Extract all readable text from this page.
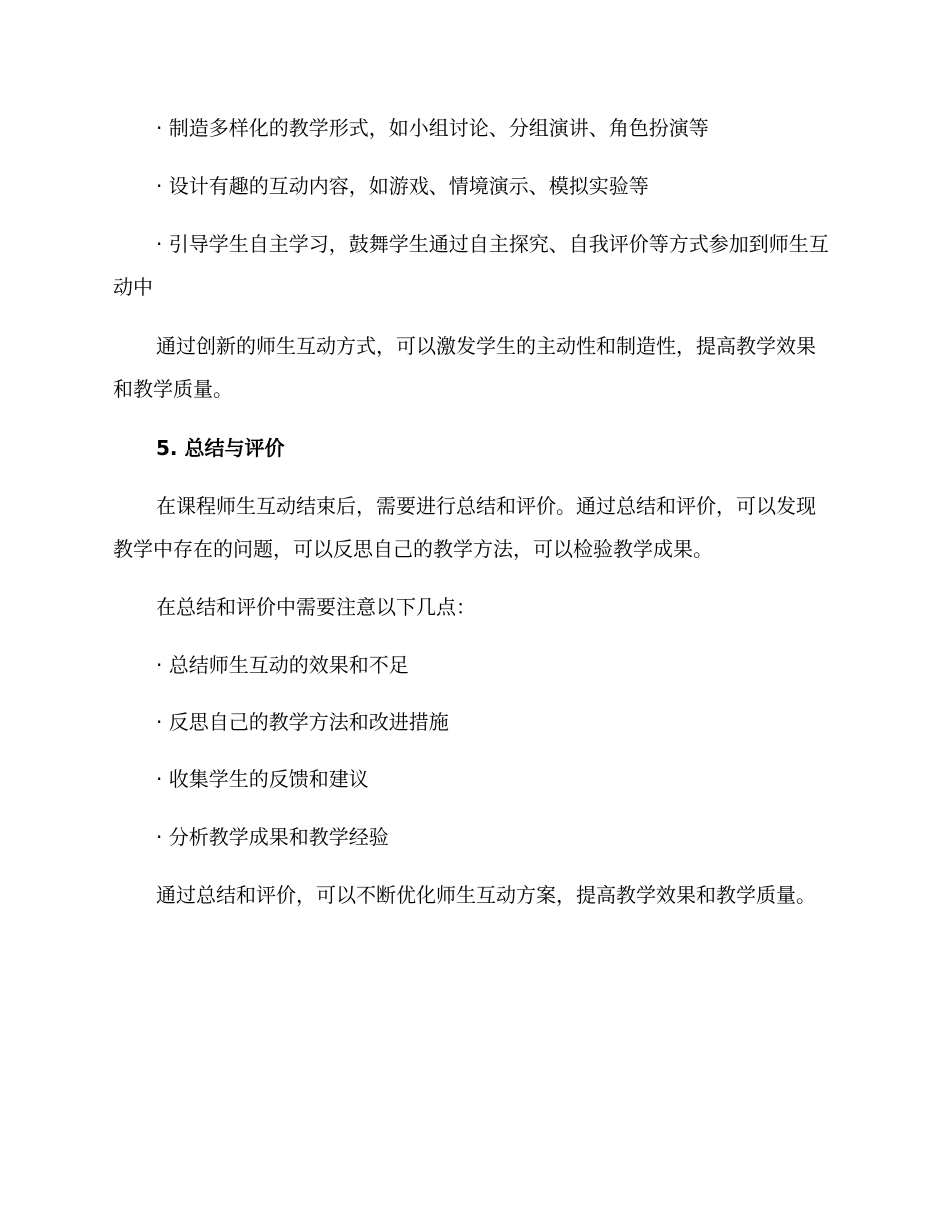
· 制造多样化的教学形式，如小组讨论、分组演讲、角色扮演等

· 设计有趣的互动内容，如游戏、情境演示、模拟实验等

· 引导学生自主学习，鼓舞学生通过自主探究、自我评价等方式参加到师生互动中

通过创新的师生互动方式，可以激发学生的主动性和制造性，提高教学效果和教学质量。

5. 总结与评价

在课程师生互动结束后，需要进行总结和评价。通过总结和评价，可以发现教学中存在的问题，可以反思自己的教学方法，可以检验教学成果。

在总结和评价中需要注意以下几点：

· 总结师生互动的效果和不足

· 反思自己的教学方法和改进措施

· 收集学生的反馈和建议

· 分析教学成果和教学经验

通过总结和评价，可以不断优化师生互动方案，提高教学效果和教学质量。
